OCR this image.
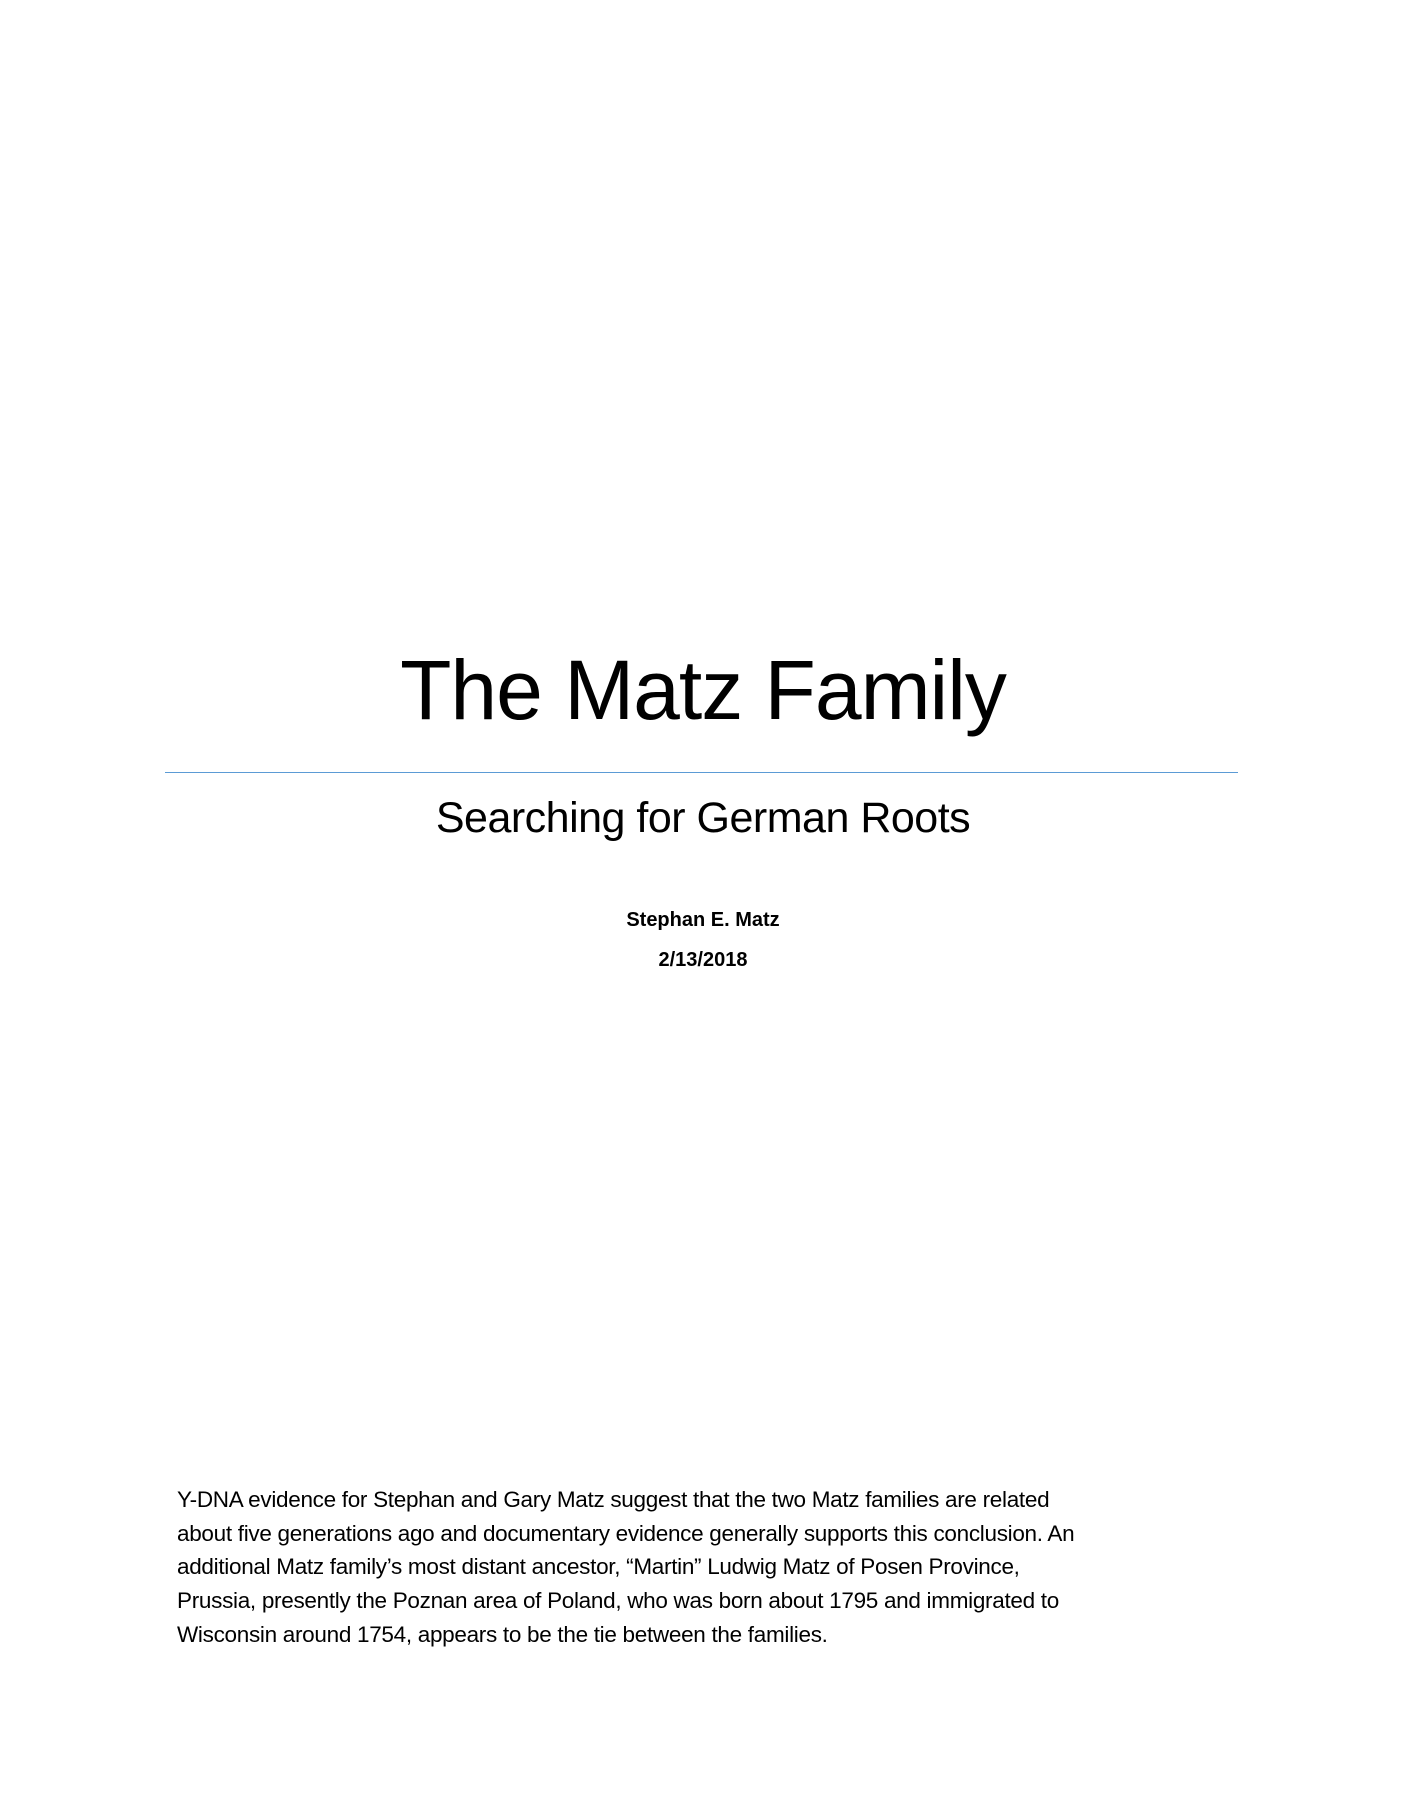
The Matz Family
Searching for German Roots
Stephan E. Matz
2/13/2018
Y-DNA evidence for Stephan and Gary Matz suggest that the two Matz families are related
about five generations ago and documentary evidence generally supports this conclusion. An
additional Matz family’s most distant ancestor, “Martin” Ludwig Matz of Posen Province,
Prussia, presently the Poznan area of Poland, who was born about 1795 and immigrated to
Wisconsin around 1754, appears to be the tie between the families.
